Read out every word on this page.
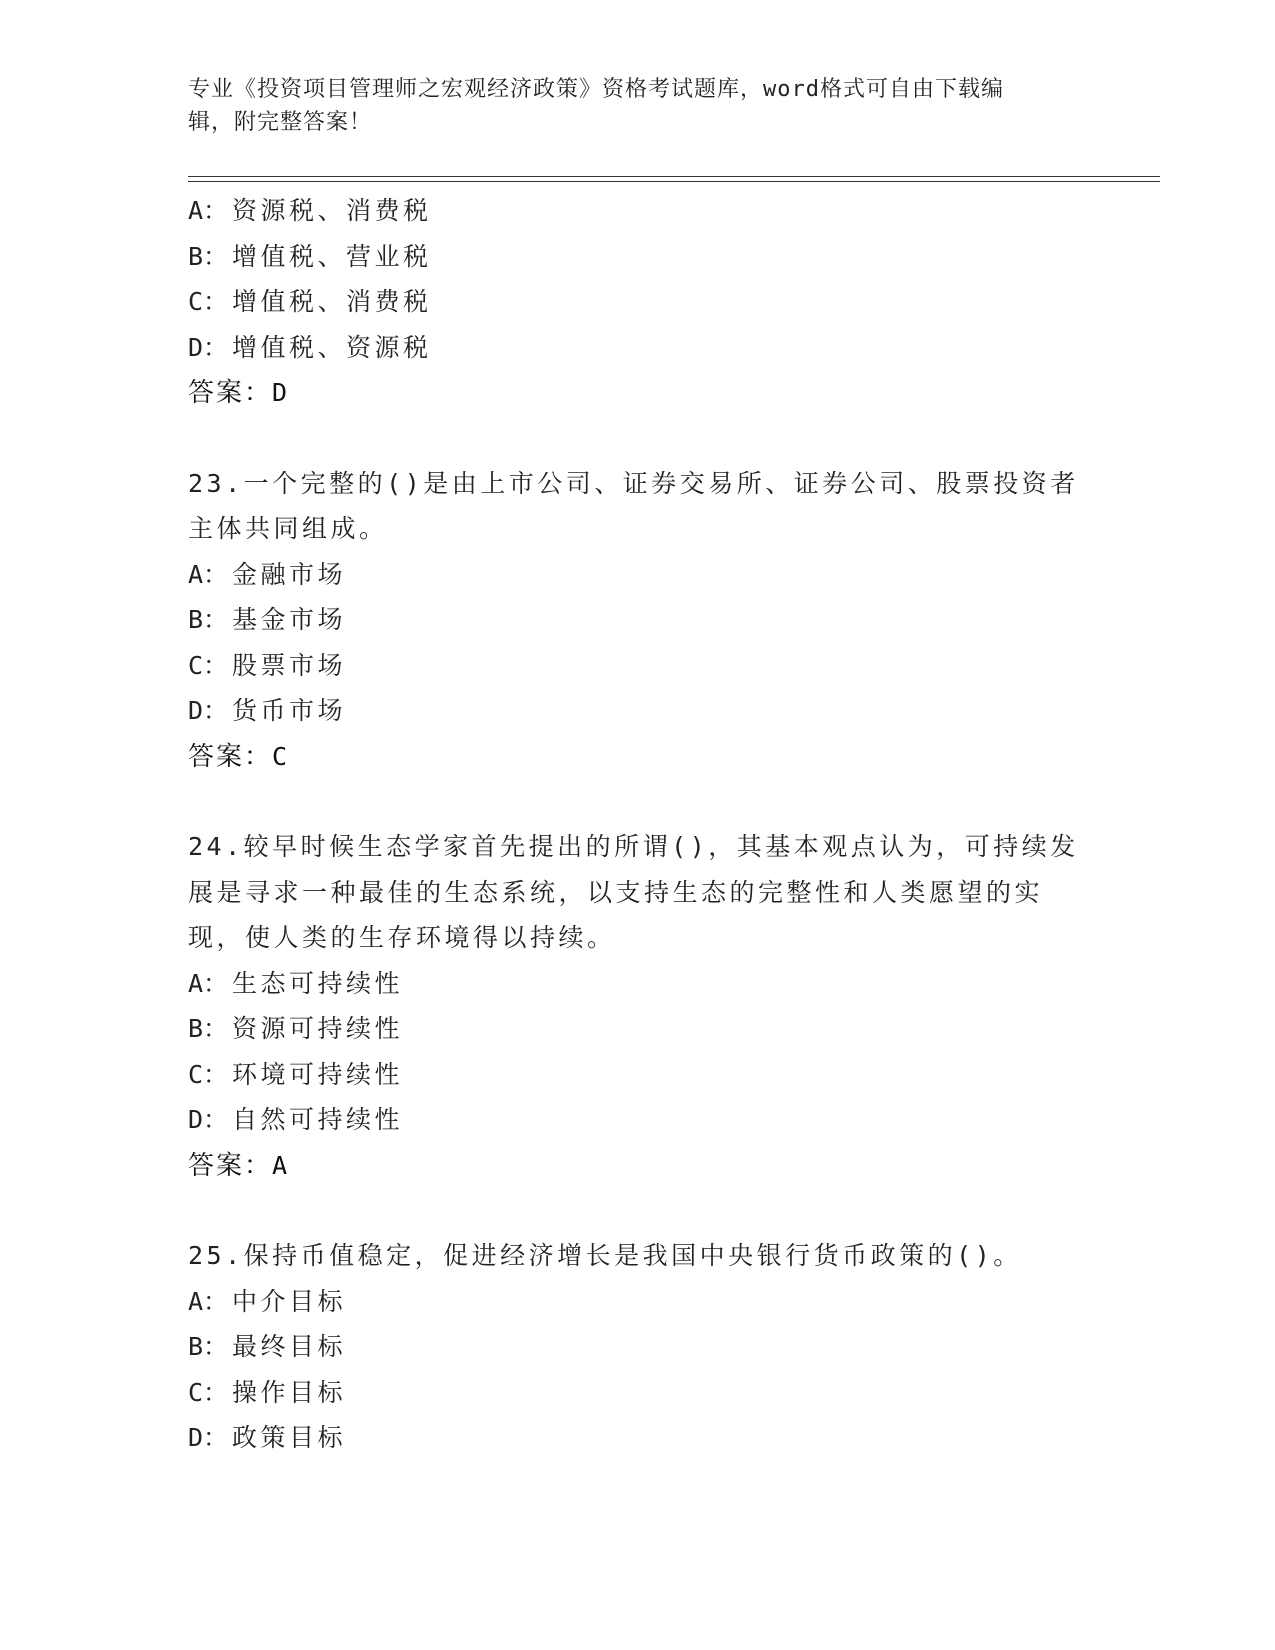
专业《投资项目管理师之宏观经济政策》资格考试题库，word格式可自由下载编
辑，附完整答案！
A： 资源税、消费税
B： 增值税、营业税
C： 增值税、消费税
D： 增值税、资源税
答案：D
23.一个完整的()是由上市公司、证券交易所、证券公司、股票投资者
主体共同组成。
A： 金融市场
B： 基金市场
C： 股票市场
D： 货币市场
答案：C
24.较早时候生态学家首先提出的所谓()，其基本观点认为，可持续发
展是寻求一种最佳的生态系统，以支持生态的完整性和人类愿望的实
现，使人类的生存环境得以持续。
A： 生态可持续性
B： 资源可持续性
C： 环境可持续性
D： 自然可持续性
答案：A
25.保持币值稳定，促进经济增长是我国中央银行货币政策的()。
A： 中介目标
B： 最终目标
C： 操作目标
D： 政策目标
